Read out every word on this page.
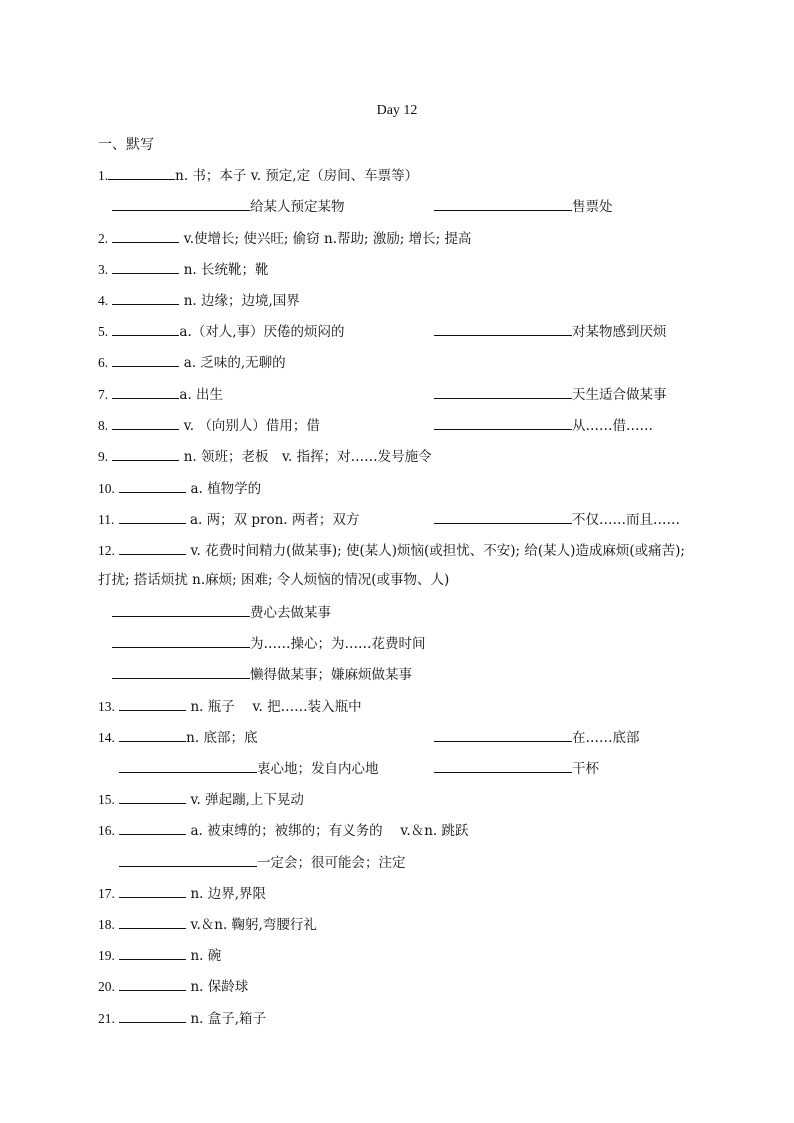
Day 12
一、默写
1.	n. 书；本子 v. 预定,定（房间、车票等）
给某人预定某物	售票处
2.	v.使增长; 使兴旺; 偷窃 n.帮助; 激励; 增长; 提高
3.	n. 长统靴；靴
4.	n. 边缘；边境,国界
5.	a.（对人,事）厌倦的烦闷的	对某物感到厌烦
6.	a. 乏味的,无聊的
7.	a. 出生	天生适合做某事
8.	v. （向别人）借用；借	从……借……
9.	n. 领班；老板　v. 指挥；对……发号施令
10.	a. 植物学的
11.	a. 两；双 pron. 两者；双方	不仅……而且……
12.	v. 花费时间精力(做某事); 使(某人)烦恼(或担忧、不安); 给(某人)造成麻烦(或痛苦);
打扰; 搭话烦扰 n.麻烦; 困难; 令人烦恼的情况(或事物、人)
费心去做某事
为……操心；为……花费时间
懒得做某事；嫌麻烦做某事
13.	n. 瓶子　 v. 把……装入瓶中
14.	n. 底部；底	在……底部
衷心地；发自内心地	干杯
15.	v. 弹起蹦,上下晃动
16.	a. 被束缚的；被绑的；有义务的　 v.＆n. 跳跃
一定会；很可能会；注定
17.	n. 边界,界限
18.	v.＆n. 鞠躬,弯腰行礼
19.	n. 碗
20.	n. 保龄球
21.	n. 盒子,箱子
